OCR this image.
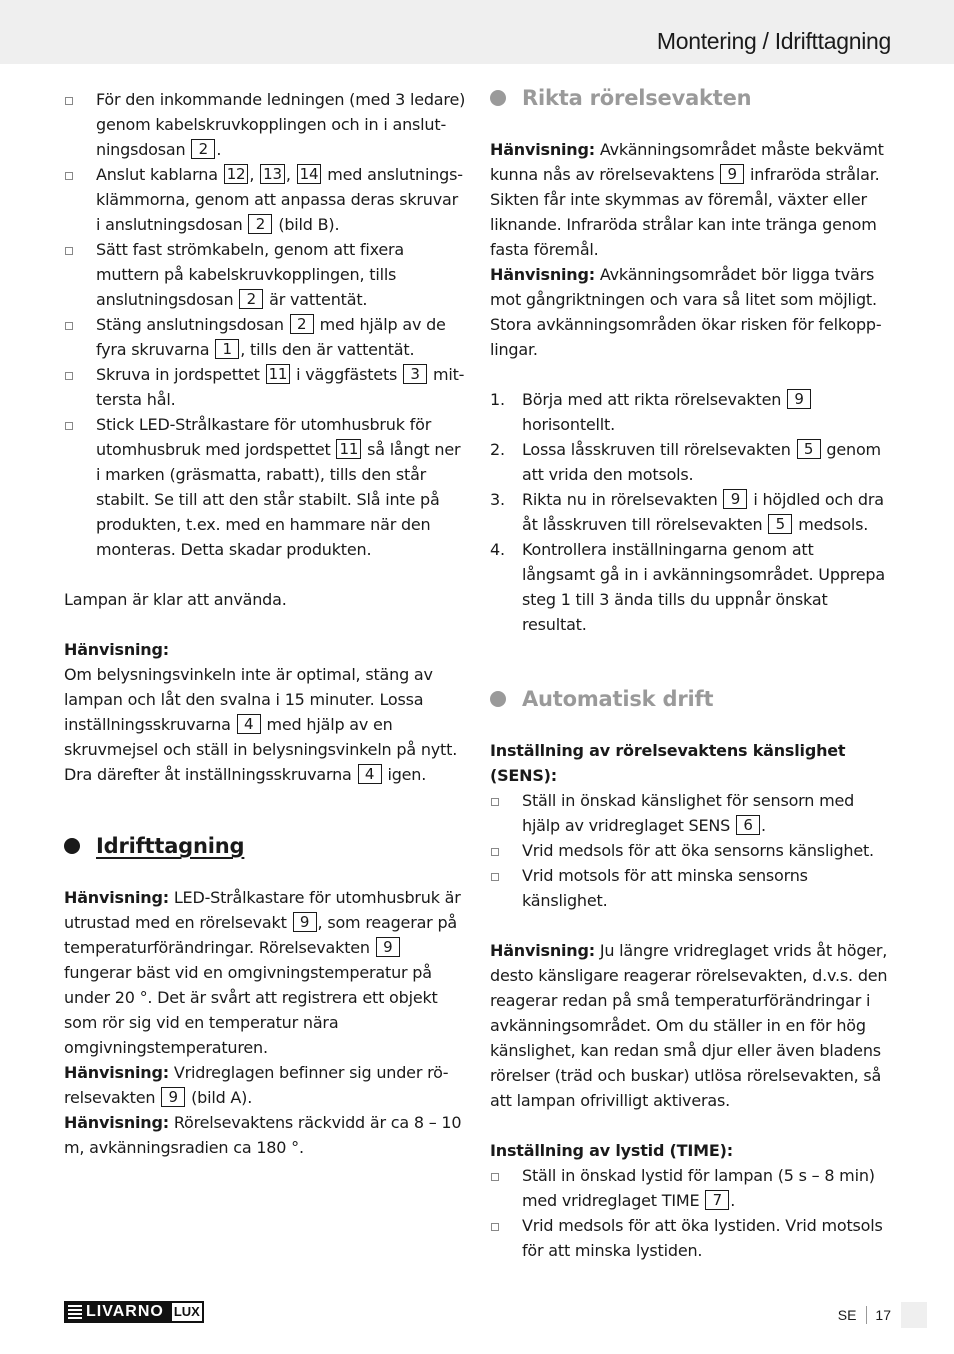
Montering / Idrifttagning
För den inkommande ledningen (med 3 ledare) genom kabelskruvkopplingen och in i anslutningsdosan 2 .
Anslut kablarna 12 , 13 , 14 med anslutningsklämmorna, genom att anpassa deras skruvar i anslutningsdosan 2 (bild B).
Sätt fast strömkabeln, genom att fixera muttern på kabelskruvkopplingen, tills anslutningsdosan 2 är vattentät.
Stäng anslutningsdosan 2 med hjälp av de fyra skruvarna 1 , tills den är vattentät.
Skruva in jordspettet 11 i väggfästets 3 mittersta hål.
Stick LED-Strålkastare för utomhusbruk för utomhusbruk med jordspettet 11 så långt ner i marken (gräsmatta, rabatt), tills den står stabilt. Se till att den står stabilt. Slå inte på produkten, t.ex. med en hammare när den monteras. Detta skadar produkten.
Lampan är klar att använda.
Hänvisning:
Om belysningsvinkeln inte är optimal, stäng av lampan och låt den svalna i 15 minuter. Lossa inställningsskruvarna 4 med hjälp av en skruvmejsel och ställ in belysningsvinkeln på nytt. Dra därefter åt inställningsskruvarna 4 igen.
Idrifttagning
Hänvisning: LED-Strålkastare för utomhusbruk är utrustad med en rörelsevakt 9 , som reagerar på temperaturförändringar. Rörelsevakten 9 fungerar bäst vid en omgivningstemperatur på under 20 °. Det är svårt att registrera ett objekt som rör sig vid en temperatur nära omgivningstemperaturen.
Hänvisning: Vridreglagen befinner sig under rörelsevakten 9 (bild A).
Hänvisning: Rörelsevaktens räckvidd är ca 8 – 10 m, avkänningsradien ca 180 °.
Rikta rörelsevakten
Hänvisning: Avkänningsområdet måste bekvämt kunna nås av rörelsevaktens 9 infraröda strålar. Sikten får inte skymmas av föremål, växter eller liknande. Infraröda strålar kan inte tränga genom fasta föremål.
Hänvisning: Avkänningsområdet bör ligga tvärs mot gångriktningen och vara så litet som möjligt. Stora avkänningsområden ökar risken för felkopplingar.
1. Börja med att rikta rörelsevakten 9 horisontellt.
2. Lossa låsskruven till rörelsevakten 5 genom att vrida den motsols.
3. Rikta nu in rörelsevakten 9 i höjdled och dra åt låsskruven till rörelsevakten 5 medsols.
4. Kontrollera inställningarna genom att långsamt gå in i avkänningsområdet. Upprepa steg 1 till 3 ända tills du uppnår önskat resultat.
Automatisk drift
Inställning av rörelsevaktens känslighet (SENS):
Ställ in önskad känslighet för sensorn med hjälp av vridreglaget SENS 6 .
Vrid medsols för att öka sensorns känslighet.
Vrid motsols för att minska sensorns känslighet.
Hänvisning: Ju längre vridreglaget vrids åt höger, desto känsligare reagerar rörelsevakten, d.v.s. den reagerar redan på små temperaturförändringar i avkänningsområdet. Om du ställer in en för hög känslighet, kan redan små djur eller även bladens rörelser (träd och buskar) utlösa rörelsevakten, så att lampan ofrivilligt aktiveras.
Inställning av lystid (TIME):
Ställ in önskad lystid för lampan (5 s – 8 min) med vridreglaget TIME 7 .
Vrid medsols för att öka lystiden. Vrid motsols för att minska lystiden.
LIVARNO LUX	SE 17
